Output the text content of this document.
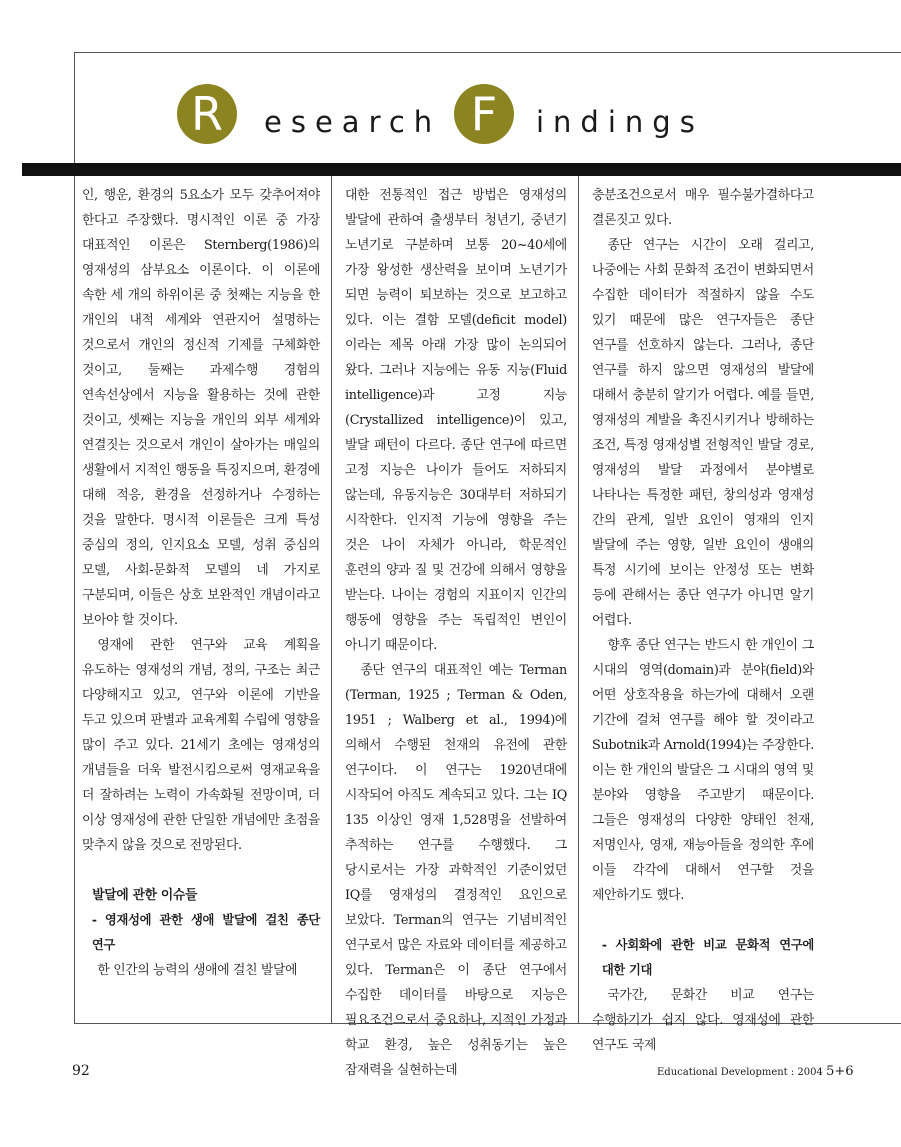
R	esearch F	indings

인, 행운, 환경의 5요소가 모두 갖추어져야 한다고 주장했다. 명시적인 이론 중 가장 대표적인 이론은 Sternberg(1986)의 영재성의 삼부요소 이론이다. 이 이론에 속한 세 개의 하위이론 중 첫째는 지능을 한 개인의 내적 세계와 연관지어 설명하는 것으로서 개인의 정신적 기제를 구체화한 것이고, 둘째는 과제수행 경험의 연속선상에서 지능을 활용하는 것에 관한 것이고, 셋째는 지능을 개인의 외부 세계와 연결짓는 것으로서 개인이 살아가는 매일의 생활에서 지적인 행동을 특징지으며, 환경에 대해 적응, 환경을 선정하거나 수정하는 것을 말한다. 명시적 이론들은 크게 특성 중심의 정의, 인지요소 모델, 성취 중심의 모델, 사회-문화적 모델의 네 가지로 구분되며, 이들은 상호 보완적인 개념이라고 보아야 할 것이다.

영재에 관한 연구와 교육 계획을 유도하는 영재성의 개념, 정의, 구조는 최근 다양해지고 있고, 연구와 이론에 기반을 두고 있으며 판별과 교육계획 수립에 영향을 많이 주고 있다. 21세기 초에는 영재성의 개념들을 더욱 발전시킴으로써 영재교육을 더 잘하려는 노력이 가속화될 전망이며, 더 이상 영재성에 관한 단일한 개념에만 초점을 맞추지 않을 것으로 전망된다.

발달에 관한 이슈들

- 영재성에 관한 생애 발달에 걸친 종단 연구

한 인간의 능력의 생애에 걸친 발달에

대한 전통적인 접근 방법은 영재성의 발달에 관하여 출생부터 청년기, 중년기 노년기로 구분하며 보통 20~40세에 가장 왕성한 생산력을 보이며 노년기가 되면 능력이 퇴보하는 것으로 보고하고 있다. 이는 결함 모델(deficit model)이라는 제목 아래 가장 많이 논의되어 왔다. 그러나 지능에는 유동 지능(Fluid intelligence)과 고정 지능(Crystallized intelligence)이 있고, 발달 패턴이 다르다. 종단 연구에 따르면 고정 지능은 나이가 들어도 저하되지 않는데, 유동지능은 30대부터 저하되기 시작한다. 인지적 기능에 영향을 주는 것은 나이 자체가 아니라, 학문적인 훈련의 양과 질 및 건강에 의해서 영향을 받는다. 나이는 경험의 지표이지 인간의 행동에 영향을 주는 독립적인 변인이 아니기 때문이다.

종단 연구의 대표적인 예는 Terman (Terman, 1925 ; Terman & Oden, 1951 ; Walberg et al., 1994)에 의해서 수행된 천재의 유전에 관한 연구이다. 이 연구는 1920년대에 시작되어 아직도 계속되고 있다. 그는 IQ 135 이상인 영재 1,528명을 선발하여 추적하는 연구를 수행했다. 그 당시로서는 가장 과학적인 기준이었던 IQ를 영재성의 결정적인 요인으로 보았다. Terman의 연구는 기념비적인 연구로서 많은 자료와 데이터를 제공하고 있다. Terman은 이 종단 연구에서 수집한 데이터를 바탕으로 지능은 필요조건으로서 중요하나, 지적인 가정과 학교 환경, 높은 성취동기는 높은 잠재력을 실현하는데

충분조건으로서 매우 필수불가결하다고 결론짓고 있다.

종단 연구는 시간이 오래 걸리고, 나중에는 사회 문화적 조건이 변화되면서 수집한 데이터가 적절하지 않을 수도 있기 때문에 많은 연구자들은 종단 연구를 선호하지 않는다. 그러나, 종단 연구를 하지 않으면 영재성의 발달에 대해서 충분히 알기가 어렵다. 예를 들면, 영재성의 계발을 촉진시키거나 방해하는 조건, 특정 영재성별 전형적인 발달 경로, 영재성의 발달 과정에서 분야별로 나타나는 특정한 패턴, 창의성과 영재성 간의 관계, 일반 요인이 영재의 인지 발달에 주는 영향, 일반 요인이 생애의 특정 시기에 보이는 안정성 또는 변화 등에 관해서는 종단 연구가 아니면 알기 어렵다.

향후 종단 연구는 반드시 한 개인이 그 시대의 영역(domain)과 분야(field)와 어떤 상호작용을 하는가에 대해서 오랜 기간에 걸쳐 연구를 해야 할 것이라고 Subotnik과 Arnold(1994)는 주장한다. 이는 한 개인의 발달은 그 시대의 영역 및 분야와 영향을 주고받기 때문이다. 그들은 영재성의 다양한 양태인 천재, 저명인사, 영재, 재능아들을 정의한 후에 이들 각각에 대해서 연구할 것을 제안하기도 했다.

- 사회화에 관한 비교 문화적 연구에 대한 기대

국가간, 문화간 비교 연구는 수행하기가 쉽지 않다. 영재성에 관한 연구도 국제

92	Educational Development : 2004 5+6
